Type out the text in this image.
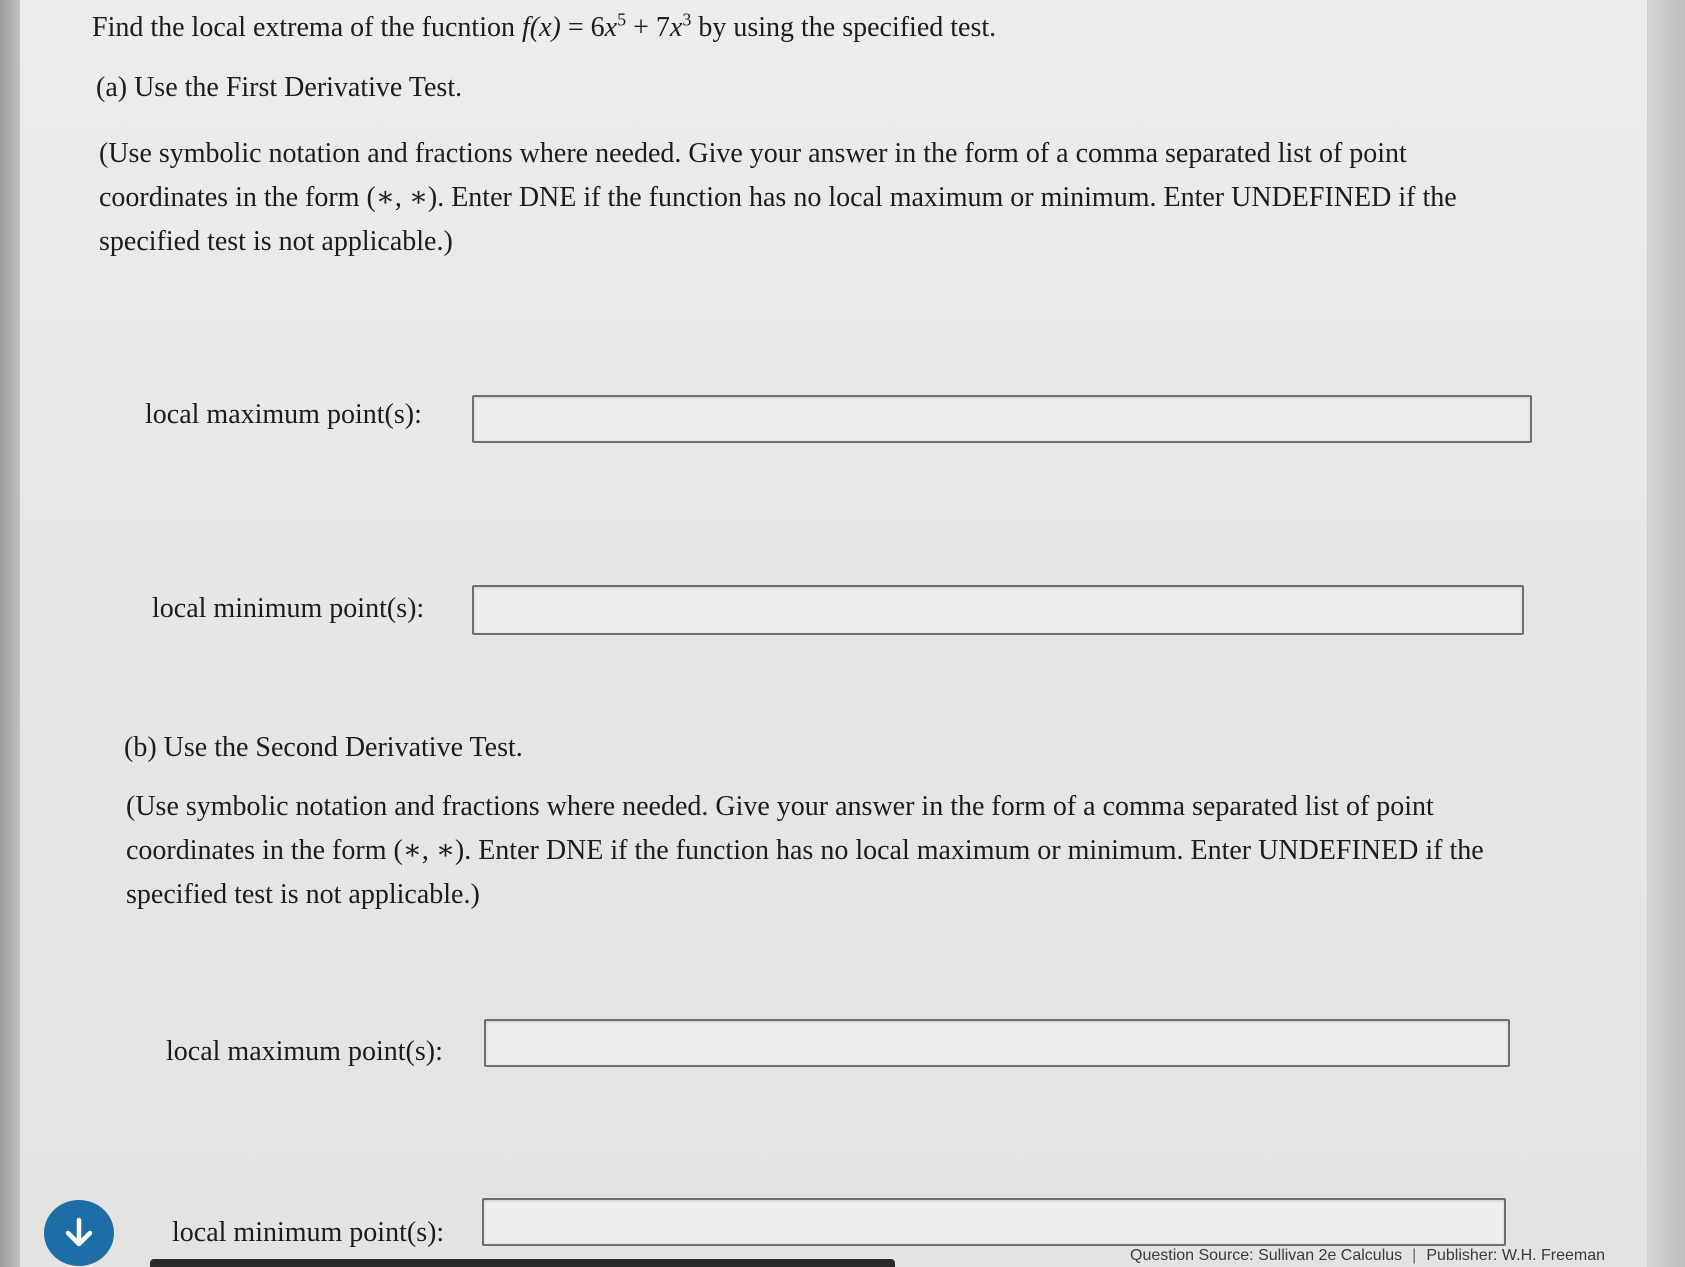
Find the local extrema of the fucntion $f(x) = 6x^5 + 7x^3$ by using the specified test.
(a) Use the First Derivative Test.
(Use symbolic notation and fractions where needed. Give your answer in the form of a comma separated list of point coordinates in the form (∗, ∗). Enter DNE if the function has no local maximum or minimum. Enter UNDEFINED if the specified test is not applicable.)
local maximum point(s):
local minimum point(s):
(b) Use the Second Derivative Test.
(Use symbolic notation and fractions where needed. Give your answer in the form of a comma separated list of point coordinates in the form (∗, ∗). Enter DNE if the function has no local maximum or minimum. Enter UNDEFINED if the specified test is not applicable.)
local maximum point(s):
local minimum point(s):
Question Source: Sullivan 2e Calculus | Publisher: W.H. Freeman
